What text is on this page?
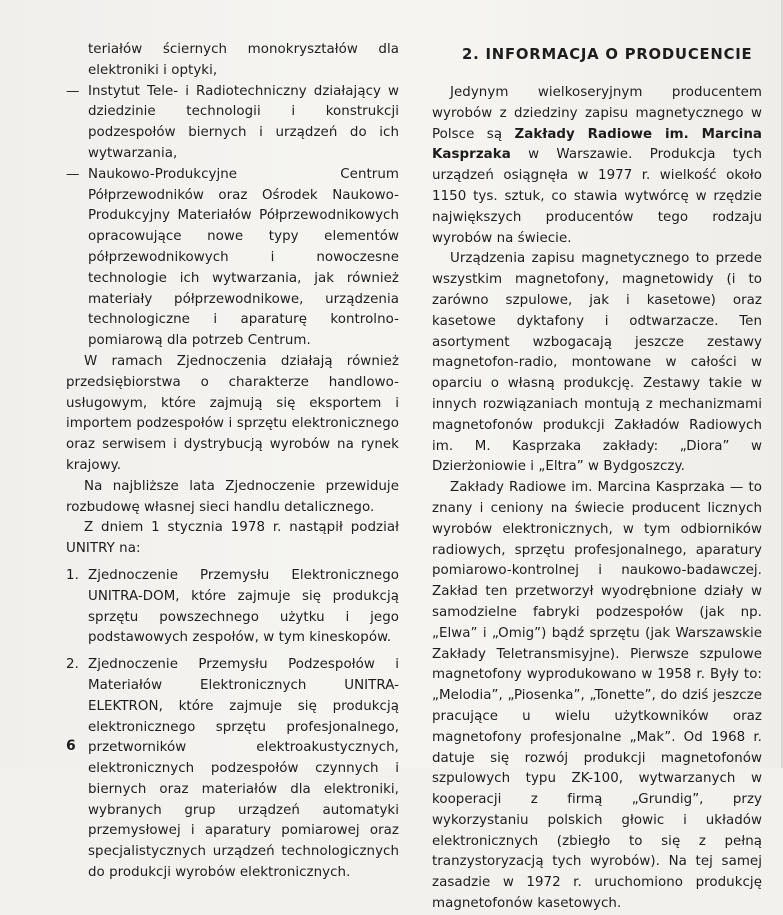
teriałów ściernych monokryształów dla elektroniki i optyki,

— Instytut Tele- i Radiotechniczny działający w dziedzinie technologii i konstrukcji podzespołów biernych i urządzeń do ich wytwarzania,

— Naukowo-Produkcyjne Centrum Półprzewodników oraz Ośrodek Naukowo-Produkcyjny Materiałów Półprzewodnikowych opracowujące nowe typy elementów półprzewodnikowych i nowoczesne technologie ich wytwarzania, jak również materiały półprzewodnikowe, urządzenia technologiczne i aparaturę kontrolno-pomiarową dla potrzeb Centrum.

W ramach Zjednoczenia działają również przedsiębiorstwa o charakterze handlowo-usługowym, które zajmują się eksportem i importem podzespołów i sprzętu elektronicznego oraz serwisem i dystrybucją wyrobów na rynek krajowy.

Na najbliższe lata Zjednoczenie przewiduje rozbudowę własnej sieci handlu detalicznego.

Z dniem 1 stycznia 1978 r. nastąpił podział UNITRY na:

1. Zjednoczenie Przemysłu Elektronicznego UNITRA-DOM, które zajmuje się produkcją sprzętu powszechnego użytku i jego podstawowych zespołów, w tym kineskopów.

2. Zjednoczenie Przemysłu Podzespołów i Materiałów Elektronicznych UNITRA-ELEKTRON, które zajmuje się produkcją elektronicznego sprzętu profesjonalnego, przetworników elektroakustycznych, elektronicznych podzespołów czynnych i biernych oraz materiałów dla elektroniki, wybranych grup urządzeń automatyki przemysłowej i aparatury pomiarowej oraz specjalistycznych urządzeń technologicznych do produkcji wyrobów elektronicznych.

2. INFORMACJA O PRODUCENCIE

Jedynym wielkoseryjnym producentem wyrobów z dziedziny zapisu magnetycznego w Polsce są Zakłady Radiowe im. Marcina Kasprzaka w Warszawie. Produkcja tych urządzeń osiągnęła w 1977 r. wielkość około 1150 tys. sztuk, co stawia wytwórcę w rzędzie największych producentów tego rodzaju wyrobów na świecie.

Urządzenia zapisu magnetycznego to przede wszystkim magnetofony, magnetowidy (i to zarówno szpulowe, jak i kasetowe) oraz kasetowe dyktafony i odtwarzacze. Ten asortyment wzbogacają jeszcze zestawy magnetofon-radio, montowane w całości w oparciu o własną produkcję. Zestawy takie w innych rozwiązaniach montują z mechanizmami magnetofonów produkcji Zakładów Radiowych im. M. Kasprzaka zakłady: „Diora” w Dzierżoniowie i „Eltra” w Bydgoszczy.

Zakłady Radiowe im. Marcina Kasprzaka — to znany i ceniony na świecie producent licznych wyrobów elektronicznych, w tym odbiorników radiowych, sprzętu profesjonalnego, aparatury pomiarowo-kontrolnej i naukowo-badawczej. Zakład ten przetworzył wyodrębnione działy w samodzielne fabryki podzespołów (jak np. „Elwa” i „Omig”) bądź sprzętu (jak Warszawskie Zakłady Teletransmisyjne). Pierwsze szpulowe magnetofony wyprodukowano w 1958 r. Były to: „Melodia”, „Piosenka”, „Tonette”, do dziś jeszcze pracujące u wielu użytkowników oraz magnetofony profesjonalne „Mak”. Od 1968 r. datuje się rozwój produkcji magnetofonów szpulowych typu ZK-100, wytwarzanych w kooperacji z firmą „Grundig”, przy wykorzystaniu polskich głowic i układów elektronicznych (zbiegło to się z pełną tranzystoryzacją tych wyrobów). Na tej samej zasadzie w 1972 r. uruchomiono produkcję magnetofonów kasetowych.

6
